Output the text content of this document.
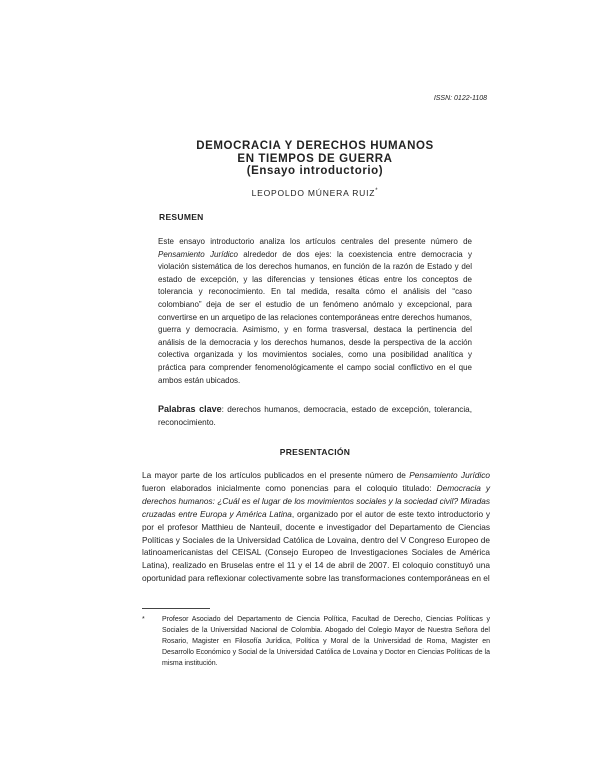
ISSN: 0122-1108
DEMOCRACIA Y DERECHOS HUMANOS
EN TIEMPOS DE GUERRA
(Ensayo introductorio)
LEOPOLDO MÚNERA RUIZ*
RESUMEN

Este ensayo introductorio analiza los artículos centrales del presente número de Pensamiento Jurídico alrededor de dos ejes: la coexistencia entre democracia y violación sistemática de los derechos humanos, en función de la razón de Estado y del estado de excepción, y las diferencias y tensiones éticas entre los conceptos de tolerancia y reconocimiento. En tal medida, resalta cómo el análisis del “caso colombiano” deja de ser el estudio de un fenómeno anómalo y excepcional, para convertirse en un arquetipo de las relaciones contemporáneas entre derechos humanos, guerra y democracia. Asimismo, y en forma trasversal, destaca la pertinencia del análisis de la democracia y los derechos humanos, desde la perspectiva de la acción colectiva organizada y los movimientos sociales, como una posibilidad analítica y práctica para comprender fenomenológicamente el campo social conflictivo en el que ambos están ubicados.

Palabras clave: derechos humanos, democracia, estado de excepción, tolerancia, reconocimiento.
PRESENTACIÓN

La mayor parte de los artículos publicados en el presente número de Pensamiento Jurídico fueron elaborados inicialmente como ponencias para el coloquio titulado: Democracia y derechos humanos: ¿Cuál es el lugar de los movimientos sociales y la sociedad civil? Miradas cruzadas entre Europa y América Latina, organizado por el autor de este texto introductorio y por el profesor Matthieu de Nanteuil, docente e investigador del Departamento de Ciencias Políticas y Sociales de la Universidad Católica de Lovaina, dentro del V Congreso Europeo de latinoamericanistas del CEISAL (Consejo Europeo de Investigaciones Sociales de América Latina), realizado en Bruselas entre el 11 y el 14 de abril de 2007. El coloquio constituyó una oportunidad para reflexionar colectivamente sobre las transformaciones contemporáneas en el

* Profesor Asociado del Departamento de Ciencia Política, Facultad de Derecho, Ciencias Políticas y Sociales de la Universidad Nacional de Colombia. Abogado del Colegio Mayor de Nuestra Señora del Rosario, Magister en Filosofía Jurídica, Política y Moral de la Universidad de Roma, Magister en Desarrollo Económico y Social de la Universidad Católica de Lovaina y Doctor en Ciencias Políticas de la misma institución.
